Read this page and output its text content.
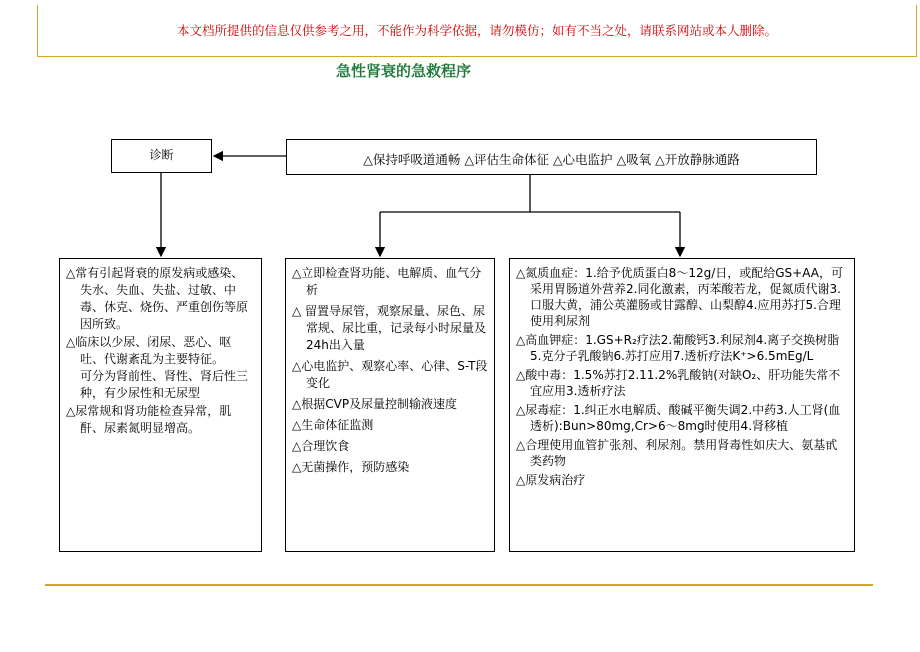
本文档所提供的信息仅供参考之用，不能作为科学依据，请勿模仿；如有不当之处，请联系网站或本人删除。
急性肾衰的急救程序
诊断	△保持呼吸道通畅 △评估生命体征 △心电监护 △吸氧 △开放静脉通路
△常有引起肾衰的原发病或感染、失水、失血、失盐、过敏、中毒、休克、烧伤、严重创伤等原因所致。
△临床以少尿、闭尿、恶心、呕吐、代谢紊乱为主要特征。
可分为肾前性、肾性、肾后性三种，有少尿性和无尿型
△尿常规和肾功能检查异常，肌酐、尿素氮明显增高。
△立即检查肾功能、电解质、血气分析
△ 留置导尿管，观察尿量、尿色、尿常规、尿比重，记录每小时尿量及24h出入量
△心电监护、观察心率、心律、S-T段变化
△根据CVP及尿量控制输液速度
△生命体征监测
△合理饮食
△无菌操作，预防感染
△氮质血症：1.给予优质蛋白8～12g/日，或配给GS+AA，可采用胃肠道外营养2.同化激素，丙苯酸若龙，促氮质代谢3.口服大黄，浦公英灌肠或甘露醇、山梨醇4.应用苏打5.合理使用利尿剂
△高血钾症：1.GS+R₂疗法2.葡酸钙3.利尿剂4.离子交换树脂5.克分子乳酸钠6.苏打应用7.透析疗法K⁺>6.5mEg/L
△酸中毒：1.5%苏打2.11.2%乳酸钠(对缺O₂、肝功能失常不宜应用3.透析疗法
△尿毒症：1.纠正水电解质、酸碱平衡失调2.中药3.人工肾(血透析):Bun>80mg,Cr>6～8mg时使用4.肾移植
△合理使用血管扩张剂、利尿剂。禁用肾毒性如庆大、氨基甙类药物
△原发病治疗
